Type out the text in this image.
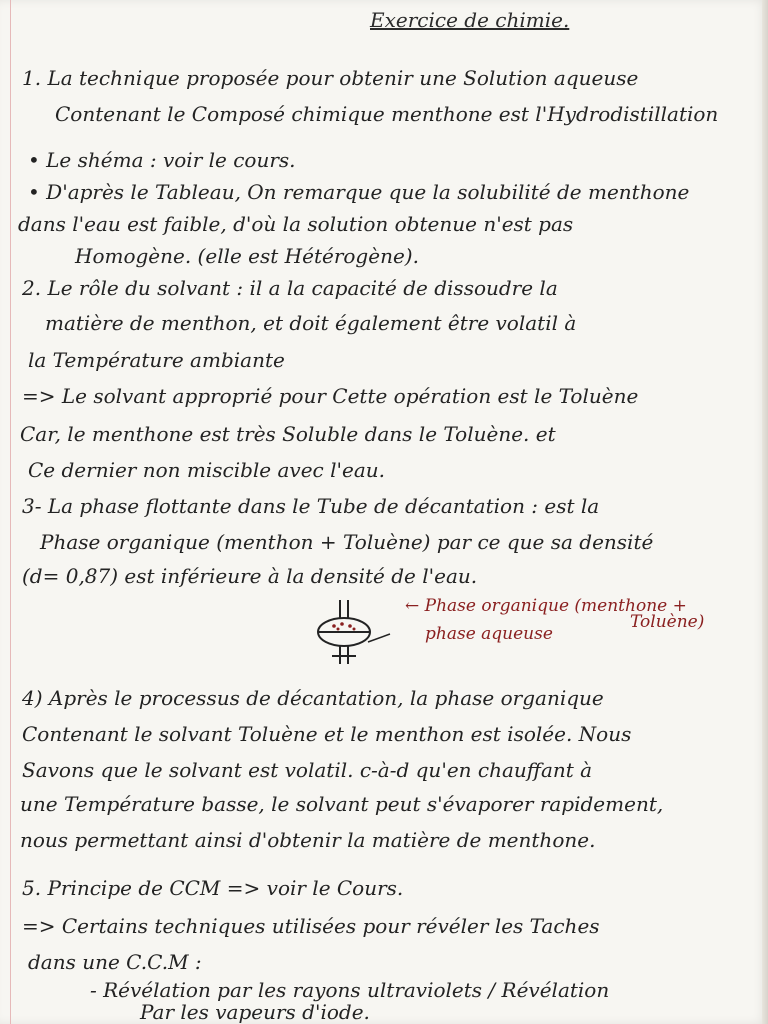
Exercice de chimie.
1. La technique proposée pour obtenir une Solution aqueuse
Contenant le Composé chimique menthone est l'Hydrodistillation
• Le shéma : voir le cours.
• D'après le Tableau, On remarque que la solubilité de menthone
dans l'eau est faible, d'où la solution obtenue n'est pas
Homogène. (elle est Hétérogène).
2. Le rôle du solvant : il a la capacité de dissoudre la
matière de menthon, et doit également être volatil à
la Température ambiante
=> Le solvant approprié pour Cette opération est le Toluène
Car, le menthone est très Soluble dans le Toluène. et
Ce dernier non miscible avec l'eau.
3- La phase flottante dans le Tube de décantation : est la
Phase organique (menthon + Toluène) par ce que sa densité
(d= 0,87) est inférieure à la densité de l'eau.
← Phase organique (menthone +
Toluène)
phase aqueuse
4) Après le processus de décantation, la phase organique
Contenant le solvant Toluène et le menthon est isolée. Nous
Savons que le solvant est volatil. c-à-d qu'en chauffant à
une Température basse, le solvant peut s'évaporer rapidement,
nous permettant ainsi d'obtenir la matière de menthone.
5. Principe de CCM => voir le Cours.
=> Certains techniques utilisées pour révéler les Taches
dans une C.C.M :
- Révélation par les rayons ultraviolets / Révélation
Par les vapeurs d'iode.
